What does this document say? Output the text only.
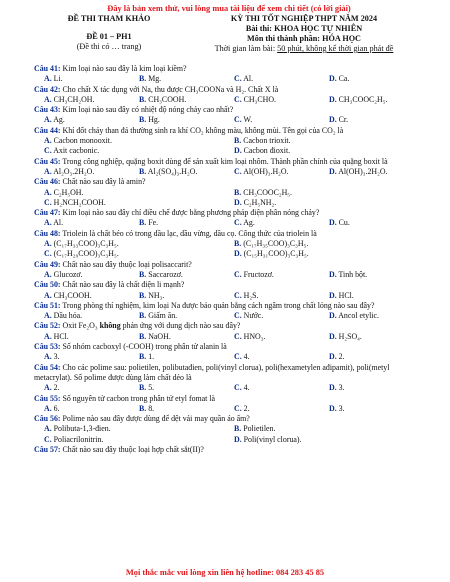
Đây là bản xem thử, vui lòng mua tài liệu để xem chi tiết (có lời giải)
ĐỀ THI THAM KHẢO
ĐỀ 01 – PH1
(Đề thi có … trang)
KỲ THI TỐT NGHIỆP THPT NĂM 2024
Bài thi: KHOA HỌC TỰ NHIÊN
Môn thi thành phần: HÓA HỌC
Thời gian làm bài: 50 phút, không kể thời gian phát đề
Câu 41: Kim loại nào sau đây là kim loại kiềm?
A. Li.	B. Mg.	C. Al.	D. Ca.
Câu 42: Cho chất X tác dụng với Na, thu được CH₃COONa và H₂. Chất X là
A. CH₃CH₂OH.	B. CH₃COOH.	C. CH₃CHO.	D. CH₃COOC₂H₅.
Câu 43: Kim loại nào sau đây có nhiệt độ nóng chảy cao nhất?
A. Ag.	B. Hg.	C. W.	D. Cr.
Câu 44: Khí đốt cháy than đá thường sinh ra khí CO₂ không màu, không mùi. Tên gọi của CO₂ là
A. Cacbon monooxit.	B. Cacbon trioxit.
C. Axit cacbonic.	D. Cacbon đioxit.
Câu 45: Trong công nghiệp, quặng boxit dùng để sản xuất kim loại nhôm. Thành phần chính của quặng boxit là
A. Al₂O₃.2H₂O.	B. Al₂(SO₄)₃.H₂O.	C. Al(OH)₃.H₂O.	D. Al(OH)₃.2H₂O.
Câu 46: Chất nào sau đây là amin?
A. C₂H₅OH.	B. CH₃COOC₂H₅.
C. H₂NCH₂COOH.	D. C₂H₅NH₂.
Câu 47: Kim loại nào sau đây chỉ điều chế được bằng phương pháp điện phân nóng chảy?
A. Al.	B. Fe.	C. Ag.	D. Cu.
Câu 48: Triolein là chất béo có trong dầu lạc, dầu vừng, dầu cọ. Công thức của triolein là
A. (C₁₇H₃₃COO)₃C₃H₅.	B. (C₁₇H₃₅COO)₃C₃H₅.
C. (C₁₇H₂₉COO)₃C₃H₅.	D. (C₁₅H₃₁COO)₃C₃H₅.
Câu 49: Chất nào sau đây thuộc loại polisaccarit?
A. Glucozơ.	B. Saccarozơ.	C. Fructozơ.	D. Tinh bột.
Câu 50: Chất nào sau đây là chất điện li mạnh?
A. CH₃COOH.	B. NH₃.	C. H₂S.	D. HCl.
Câu 51: Trong phòng thí nghiệm, kim loại Na được bảo quản bằng cách ngâm trong chất lỏng nào sau đây?
A. Dầu hỏa.	B. Giấm ăn.	C. Nước.	D. Ancol etylic.
Câu 52: Oxit Fe₂O₃ không phản ứng với dung dịch nào sau đây?
A. HCl.	B. NaOH.	C. HNO₃.	D. H₂SO₄.
Câu 53: Số nhóm cacboxyl (-COOH) trong phân tử alanin là
A. 3.	B. 1.	C. 4.	D. 2.
Câu 54: Cho các polime sau: polietilen, polibutađien, poli(vinyl clorua), poli(hexametylen ađipamit), poli(metyl metacrylat). Số polime được dùng làm chất dẻo là
A. 2.	B. 5.	C. 4.	D. 3.
Câu 55: Số nguyên tử cacbon trong phân tử etyl fomat là
A. 6.	B. 8.	C. 2.	D. 3.
Câu 56: Polime nào sau đây được dùng để dệt vải may quần áo ấm?
A. Polibuta-1,3-đien.	B. Polietilen.
C. Poliacrilonitrin.	D. Poli(vinyl clorua).
Câu 57: Chất nào sau đây thuộc loại hợp chất sắt(II)?
Mọi thắc mắc vui lòng xin liên hệ hotline: 084 283 45 85
